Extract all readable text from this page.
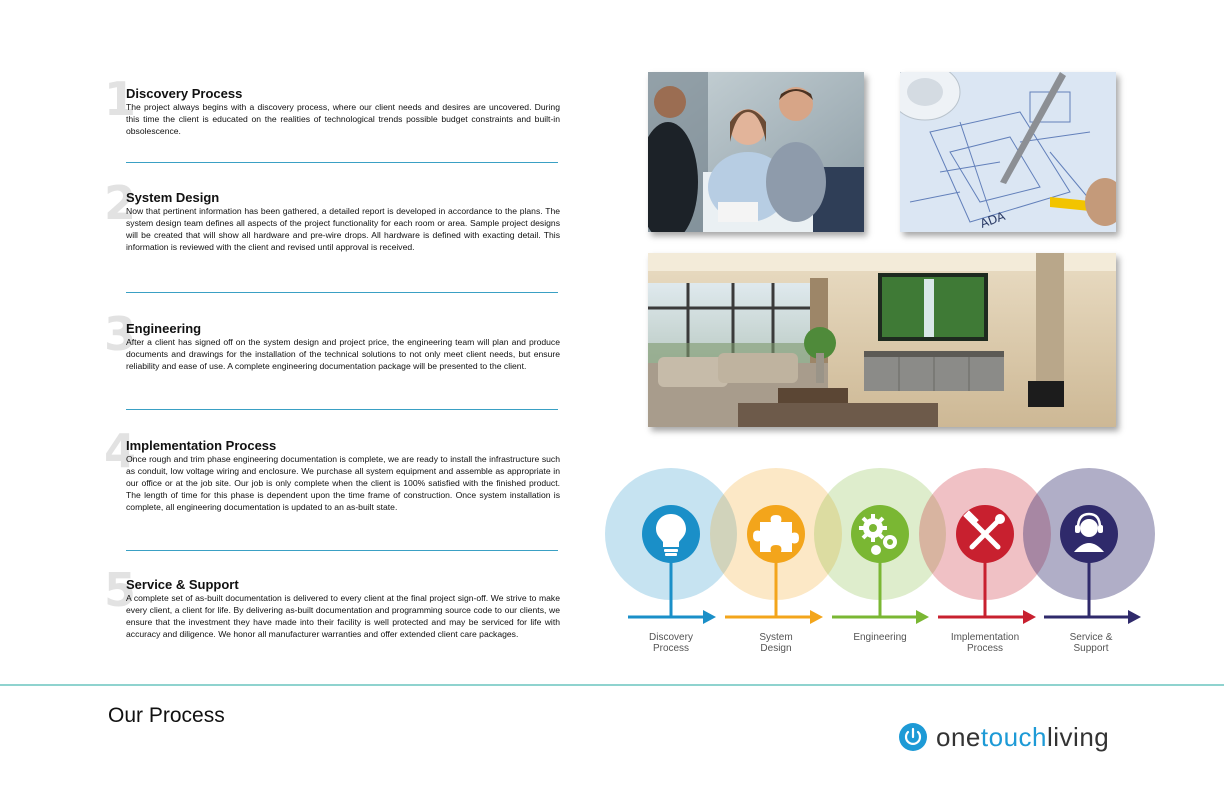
1
Discovery Process

The project always begins with a discovery process, where our client needs and desires are uncovered. During this time the client is educated on the realities of technological trends possible budget constraints and built-in obsolescence.

2
System Design

Now that pertinent information has been gathered, a detailed report is developed in accordance to the plans. The system design team defines all aspects of the project functionality for each room or area. Sample project designs will be created that will show all hardware and pre-wire drops. All hardware is defined with exacting detail. This information is reviewed with the client and revised until approval is received.

3
Engineering

After a client has signed off on the system design and project price, the engineering team will plan and produce documents and drawings for the installation of the technical solutions to not only meet client needs, but ensure reliability and ease of use. A complete engineering documentation package will be presented to the client.

4
Implementation Process

Once rough and trim phase engineering documentation is complete, we are ready to install the infrastructure such as conduit, low voltage wiring and enclosure. We purchase all system equipment and assemble as appropriate in our office or at the job site. Our job is only complete when the client is 100% satisfied with the finished product. The length of time for this phase is dependent upon the time frame of construction. Once system installation is complete, all engineering documentation is updated to an as-built state.

5
Service & Support

A complete set of as-built documentation is delivered to every client at the final project sign-off. We strive to make every client, a client for life. By delivering as-built documentation and programming source code to our clients, we ensure that the investment they have made into their facility is well protected and may be serviced for life with accuracy and diligence. We honor all manufacturer warranties and offer extended client care packages.

ADA
Discovery
Process
System
Design
Engineering	Implementation
Process
Service &
Support
Our Process
onetouchliving
